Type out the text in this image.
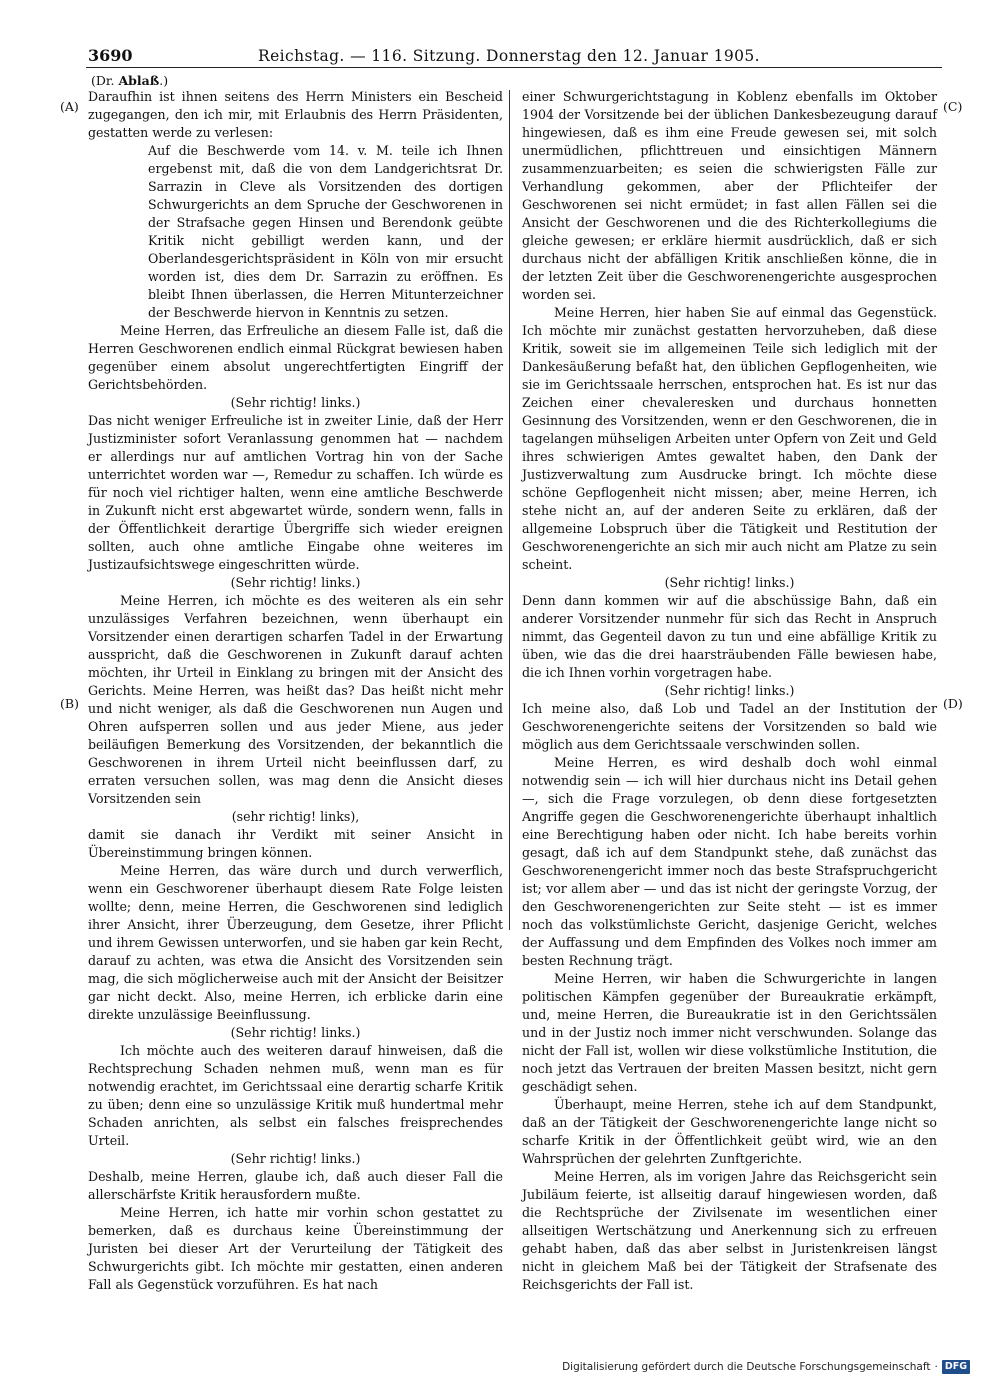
3690	Reichstag. — 116. Sitzung. Donnerstag den 12. Januar 1905.
(Dr. Ablaß.)
(A)
(B)
(C)
(D)

Daraufhin ist ihnen seitens des Herrn Ministers ein Bescheid zugegangen, den ich mir, mit Erlaubnis des Herrn Präsidenten, gestatten werde zu verlesen:

Auf die Beschwerde vom 14. v. M. teile ich Ihnen ergebenst mit, daß die von dem Landgerichtsrat Dr. Sarrazin in Cleve als Vorsitzenden des dortigen Schwurgerichts an dem Spruche der Geschworenen in der Strafsache gegen Hinsen und Berendonk geübte Kritik nicht gebilligt werden kann, und der Oberlandesgerichtspräsident in Köln von mir ersucht worden ist, dies dem Dr. Sarrazin zu eröffnen. Es bleibt Ihnen überlassen, die Herren Mitunterzeichner der Beschwerde hiervon in Kenntnis zu setzen.

Meine Herren, das Erfreuliche an diesem Falle ist, daß die Herren Geschworenen endlich einmal Rückgrat bewiesen haben gegenüber einem absolut ungerechtfertigten Eingriff der Gerichtsbehörden.

(Sehr richtig! links.)

Das nicht weniger Erfreuliche ist in zweiter Linie, daß der Herr Justizminister sofort Veranlassung genommen hat — nachdem er allerdings nur auf amtlichen Vortrag hin von der Sache unterrichtet worden war —, Remedur zu schaffen. Ich würde es für noch viel richtiger halten, wenn eine amtliche Beschwerde in Zukunft nicht erst abgewartet würde, sondern wenn, falls in der Öffentlichkeit derartige Übergriffe sich wieder ereignen sollten, auch ohne amtliche Eingabe ohne weiteres im Justizaufsichtswege eingeschritten würde.

(Sehr richtig! links.)

Meine Herren, ich möchte es des weiteren als ein sehr unzulässiges Verfahren bezeichnen, wenn überhaupt ein Vorsitzender einen derartigen scharfen Tadel in der Erwartung ausspricht, daß die Geschworenen in Zukunft darauf achten möchten, ihr Urteil in Einklang zu bringen mit der Ansicht des Gerichts. Meine Herren, was heißt das? Das heißt nicht mehr und nicht weniger, als daß die Geschworenen nun Augen und Ohren aufsperren sollen und aus jeder Miene, aus jeder beiläufigen Bemerkung des Vorsitzenden, der bekanntlich die Geschworenen in ihrem Urteil nicht beeinflussen darf, zu erraten versuchen sollen, was mag denn die Ansicht dieses Vorsitzenden sein

(sehr richtig! links),

damit sie danach ihr Verdikt mit seiner Ansicht in Übereinstimmung bringen können.

Meine Herren, das wäre durch und durch verwerflich, wenn ein Geschworener überhaupt diesem Rate Folge leisten wollte; denn, meine Herren, die Geschworenen sind lediglich ihrer Ansicht, ihrer Überzeugung, dem Gesetze, ihrer Pflicht und ihrem Gewissen unterworfen, und sie haben gar kein Recht, darauf zu achten, was etwa die Ansicht des Vorsitzenden sein mag, die sich möglicherweise auch mit der Ansicht der Beisitzer gar nicht deckt. Also, meine Herren, ich erblicke darin eine direkte unzulässige Beeinflussung.

(Sehr richtig! links.)

Ich möchte auch des weiteren darauf hinweisen, daß die Rechtsprechung Schaden nehmen muß, wenn man es für notwendig erachtet, im Gerichtssaal eine derartig scharfe Kritik zu üben; denn eine so unzulässige Kritik muß hundertmal mehr Schaden anrichten, als selbst ein falsches freisprechendes Urteil.

(Sehr richtig! links.)

Deshalb, meine Herren, glaube ich, daß auch dieser Fall die allerschärfste Kritik herausfordern mußte.

Meine Herren, ich hatte mir vorhin schon gestattet zu bemerken, daß es durchaus keine Übereinstimmung der Juristen bei dieser Art der Verurteilung der Tätigkeit des Schwurgerichts gibt. Ich möchte mir gestatten, einen anderen Fall als Gegenstück vorzuführen. Es hat nach

einer Schwurgerichtstagung in Koblenz ebenfalls im Oktober 1904 der Vorsitzende bei der üblichen Dankesbezeugung darauf hingewiesen, daß es ihm eine Freude gewesen sei, mit solch unermüdlichen, pflichttreuen und einsichtigen Männern zusammenzuarbeiten; es seien die schwierigsten Fälle zur Verhandlung gekommen, aber der Pflichteifer der Geschworenen sei nicht ermüdet; in fast allen Fällen sei die Ansicht der Geschworenen und die des Richterkollegiums die gleiche gewesen; er erkläre hiermit ausdrücklich, daß er sich durchaus nicht der abfälligen Kritik anschließen könne, die in der letzten Zeit über die Geschworenengerichte ausgesprochen worden sei.

Meine Herren, hier haben Sie auf einmal das Gegenstück. Ich möchte mir zunächst gestatten hervorzuheben, daß diese Kritik, soweit sie im allgemeinen Teile sich lediglich mit der Dankesäußerung befaßt hat, den üblichen Gepflogenheiten, wie sie im Gerichtssaale herrschen, entsprochen hat. Es ist nur das Zeichen einer chevaleresken und durchaus honnetten Gesinnung des Vorsitzenden, wenn er den Geschworenen, die in tagelangen mühseligen Arbeiten unter Opfern von Zeit und Geld ihres schwierigen Amtes gewaltet haben, den Dank der Justizverwaltung zum Ausdrucke bringt. Ich möchte diese schöne Gepflogenheit nicht missen; aber, meine Herren, ich stehe nicht an, auf der anderen Seite zu erklären, daß der allgemeine Lobspruch über die Tätigkeit und Restitution der Geschworenengerichte an sich mir auch nicht am Platze zu sein scheint.

(Sehr richtig! links.)

Denn dann kommen wir auf die abschüssige Bahn, daß ein anderer Vorsitzender nunmehr für sich das Recht in Anspruch nimmt, das Gegenteil davon zu tun und eine abfällige Kritik zu üben, wie das die drei haarsträubenden Fälle bewiesen habe, die ich Ihnen vorhin vorgetragen habe.

(Sehr richtig! links.)

Ich meine also, daß Lob und Tadel an der Institution der Geschworenengerichte seitens der Vorsitzenden so bald wie möglich aus dem Gerichtssaale verschwinden sollen.

Meine Herren, es wird deshalb doch wohl einmal notwendig sein — ich will hier durchaus nicht ins Detail gehen —, sich die Frage vorzulegen, ob denn diese fortgesetzten Angriffe gegen die Geschworenengerichte überhaupt inhaltlich eine Berechtigung haben oder nicht. Ich habe bereits vorhin gesagt, daß ich auf dem Standpunkt stehe, daß zunächst das Geschworenengericht immer noch das beste Strafspruchgericht ist; vor allem aber — und das ist nicht der geringste Vorzug, der den Geschworenengerichten zur Seite steht — ist es immer noch das volkstümlichste Gericht, dasjenige Gericht, welches der Auffassung und dem Empfinden des Volkes noch immer am besten Rechnung trägt.

Meine Herren, wir haben die Schwurgerichte in langen politischen Kämpfen gegenüber der Bureaukratie erkämpft, und, meine Herren, die Bureaukratie ist in den Gerichtssälen und in der Justiz noch immer nicht verschwunden. Solange das nicht der Fall ist, wollen wir diese volkstümliche Institution, die noch jetzt das Vertrauen der breiten Massen besitzt, nicht gern geschädigt sehen.

Überhaupt, meine Herren, stehe ich auf dem Standpunkt, daß an der Tätigkeit der Geschworenengerichte lange nicht so scharfe Kritik in der Öffentlichkeit geübt wird, wie an den Wahrsprüchen der gelehrten Zunftgerichte.

Meine Herren, als im vorigen Jahre das Reichsgericht sein Jubiläum feierte, ist allseitig darauf hingewiesen worden, daß die Rechtsprüche der Zivilsenate im wesentlichen einer allseitigen Wertschätzung und Anerkennung sich zu erfreuen gehabt haben, daß das aber selbst in Juristenkreisen längst nicht in gleichem Maß bei der Tätigkeit der Strafsenate des Reichsgerichts der Fall ist.

Digitalisierung gefördert durch die Deutsche Forschungsgemeinschaft · DFG
